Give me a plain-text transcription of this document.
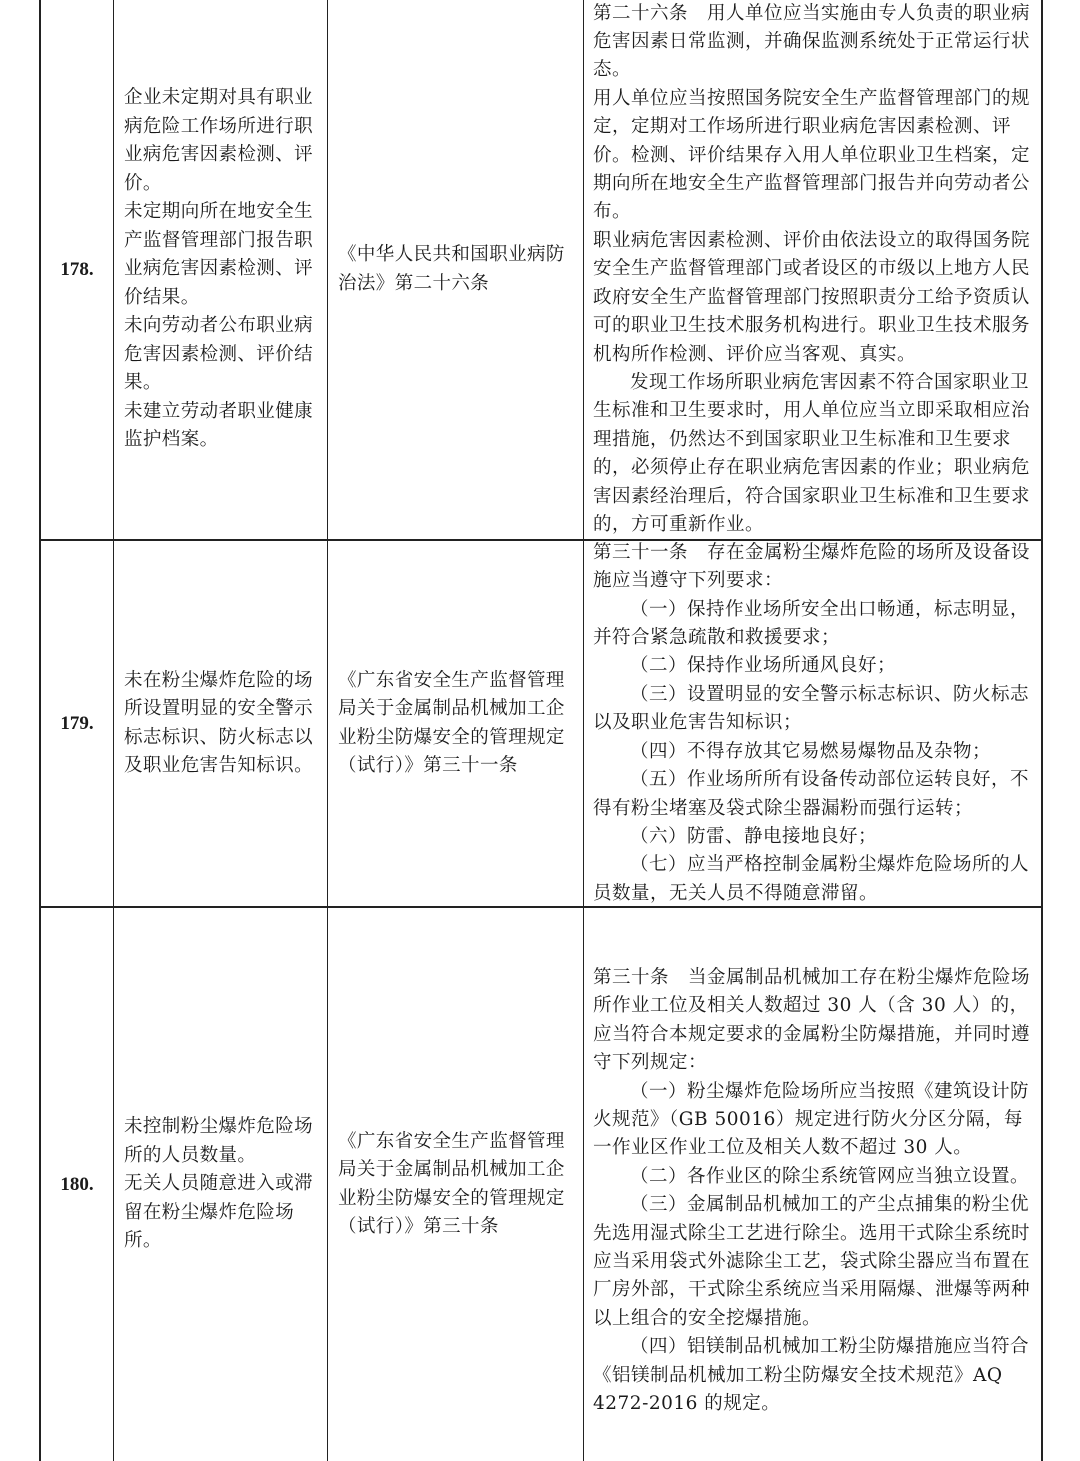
178.

企业未定期对具有职业病危险工作场所进行职业病危害因素检测、评价。

未定期向所在地安全生产监督管理部门报告职业病危害因素检测、评价结果。

未向劳动者公布职业病危害因素检测、评价结果。

未建立劳动者职业健康监护档案。

《中华人民共和国职业病防治法》第二十六条

第二十六条　用人单位应当实施由专人负责的职业病危害因素日常监测，并确保监测系统处于正常运行状态。

用人单位应当按照国务院安全生产监督管理部门的规定，定期对工作场所进行职业病危害因素检测、评价。检测、评价结果存入用人单位职业卫生档案，定期向所在地安全生产监督管理部门报告并向劳动者公布。

职业病危害因素检测、评价由依法设立的取得国务院安全生产监督管理部门或者设区的市级以上地方人民政府安全生产监督管理部门按照职责分工给予资质认可的职业卫生技术服务机构进行。职业卫生技术服务机构所作检测、评价应当客观、真实。

发现工作场所职业病危害因素不符合国家职业卫生标准和卫生要求时，用人单位应当立即采取相应治理措施，仍然达不到国家职业卫生标准和卫生要求的，必须停止存在职业病危害因素的作业；职业病危害因素经治理后，符合国家职业卫生标准和卫生要求的，方可重新作业。

179.

未在粉尘爆炸危险的场所设置明显的安全警示标志标识、防火标志以及职业危害告知标识。

《广东省安全生产监督管理局关于金属制品机械加工企业粉尘防爆安全的管理规定（试行）》第三十一条

第三十一条　存在金属粉尘爆炸危险的场所及设备设施应当遵守下列要求：

（一）保持作业场所安全出口畅通，标志明显，并符合紧急疏散和救援要求；

（二）保持作业场所通风良好；

（三）设置明显的安全警示标志标识、防火标志以及职业危害告知标识；

（四）不得存放其它易燃易爆物品及杂物；

（五）作业场所所有设备传动部位运转良好，不得有粉尘堵塞及袋式除尘器漏粉而强行运转；

（六）防雷、静电接地良好；

（七）应当严格控制金属粉尘爆炸危险场所的人员数量，无关人员不得随意滞留。

180.

未控制粉尘爆炸危险场所的人员数量。

无关人员随意进入或滞留在粉尘爆炸危险场所。

《广东省安全生产监督管理局关于金属制品机械加工企业粉尘防爆安全的管理规定（试行）》第三十条

第三十条　当金属制品机械加工存在粉尘爆炸危险场所作业工位及相关人数超过 30 人（含 30 人）的，应当符合本规定要求的金属粉尘防爆措施，并同时遵守下列规定：

（一）粉尘爆炸危险场所应当按照《建筑设计防火规范》（GB 50016）规定进行防火分区分隔，每一作业区作业工位及相关人数不超过 30 人。

（二）各作业区的除尘系统管网应当独立设置。

（三）金属制品机械加工的产尘点捕集的粉尘优先选用湿式除尘工艺进行除尘。选用干式除尘系统时应当采用袋式外滤除尘工艺，袋式除尘器应当布置在厂房外部，干式除尘系统应当采用隔爆、泄爆等两种以上组合的安全挖爆措施。

（四）铝镁制品机械加工粉尘防爆措施应当符合《铝镁制品机械加工粉尘防爆安全技术规范》AQ 4272-2016 的规定。
